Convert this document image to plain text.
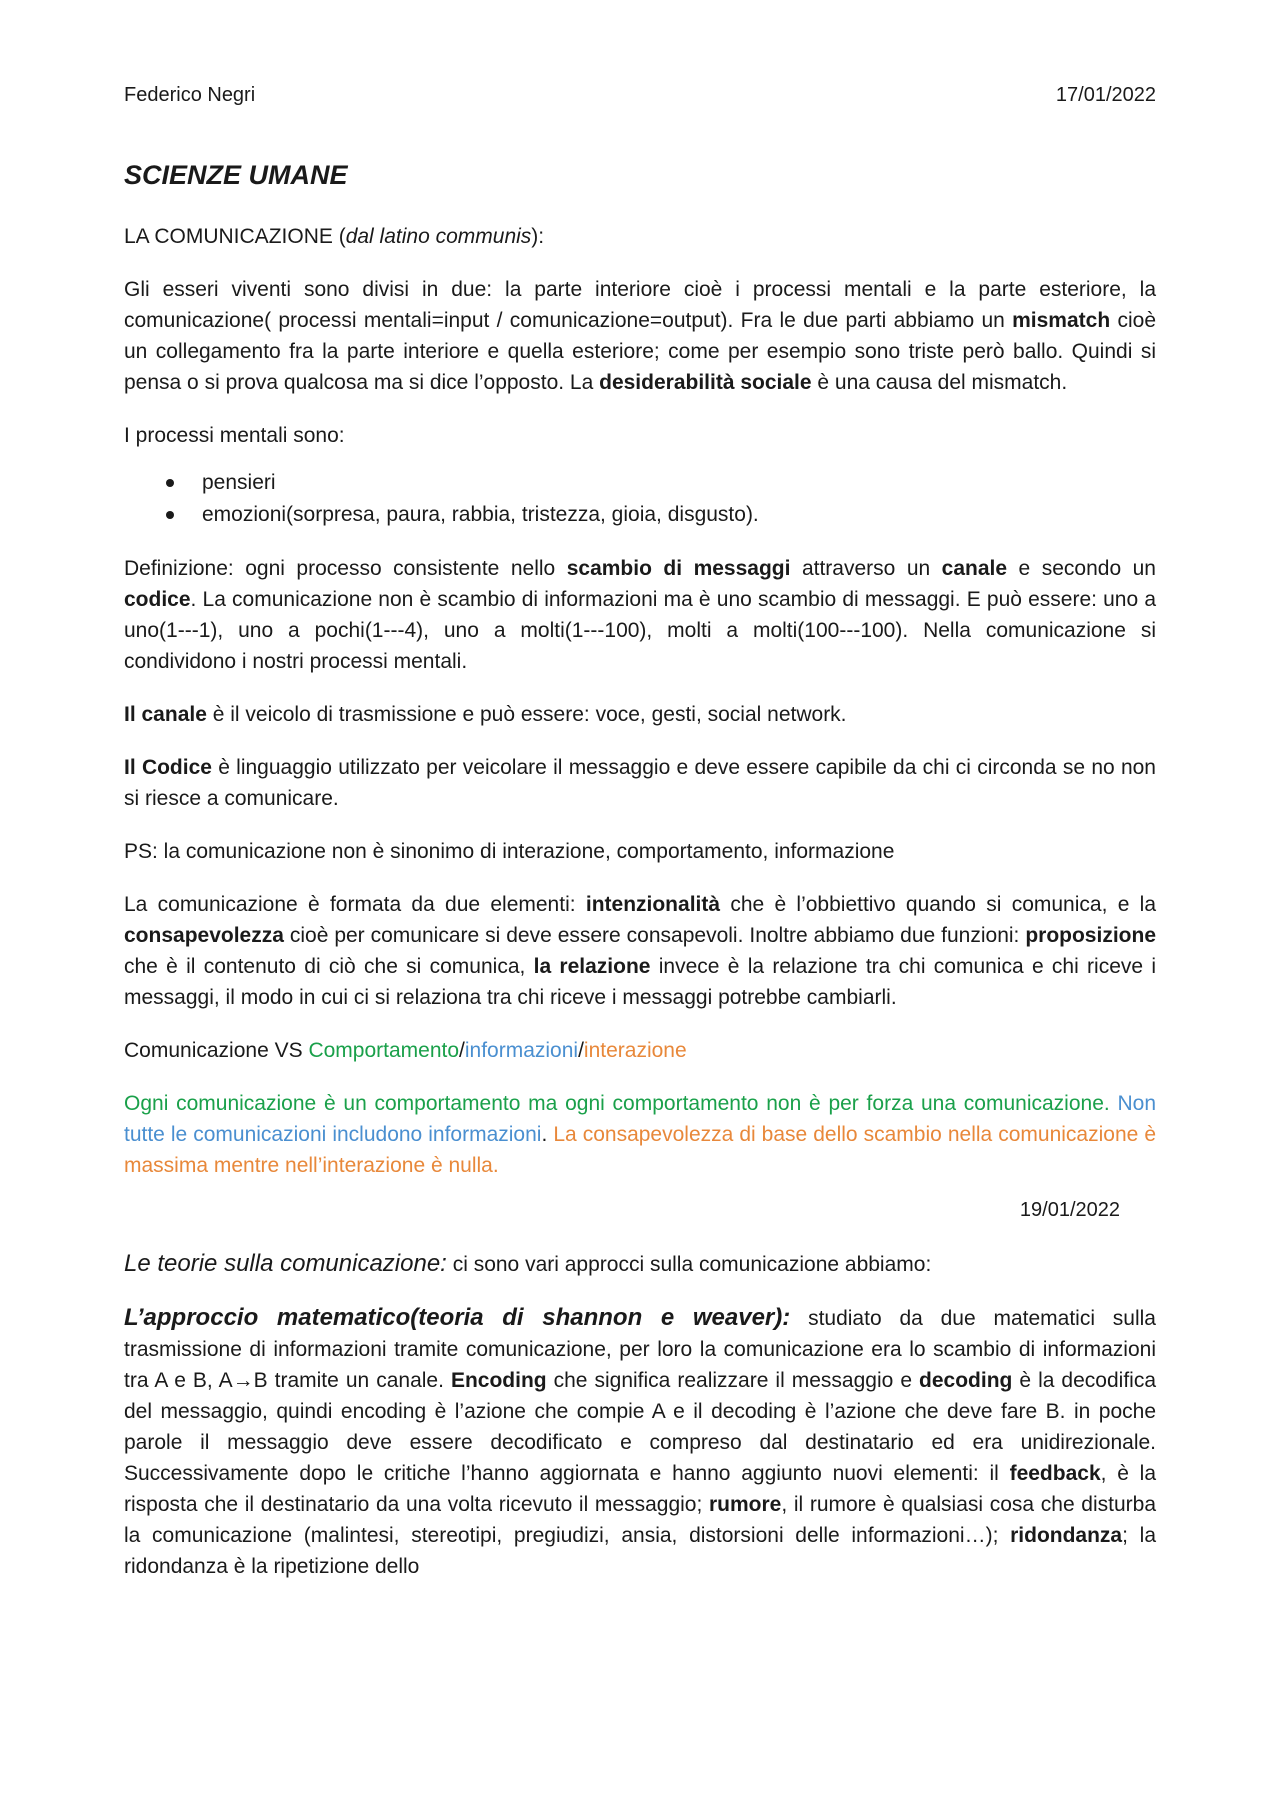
Federico Negri	17/01/2022
SCIENZE UMANE

LA COMUNICAZIONE (dal latino communis):

Gli esseri viventi sono divisi in due: la parte interiore cioè i processi mentali e la parte esteriore, la comunicazione( processi mentali=input / comunicazione=output). Fra le due parti abbiamo un mismatch cioè un collegamento fra la parte interiore e quella esteriore; come per esempio sono triste però ballo. Quindi si pensa o si prova qualcosa ma si dice l’opposto. La desiderabilità sociale è una causa del mismatch.

I processi mentali sono:

pensieri
emozioni(sorpresa, paura, rabbia, tristezza, gioia, disgusto).

Definizione: ogni processo consistente nello scambio di messaggi attraverso un canale e secondo un codice. La comunicazione non è scambio di informazioni ma è uno scambio di messaggi. E può essere: uno a uno(1---1), uno a pochi(1---4), uno a molti(1---100), molti a molti(100---100). Nella comunicazione si condividono i nostri processi mentali.

Il canale è il veicolo di trasmissione e può essere: voce, gesti, social network.

Il Codice è linguaggio utilizzato per veicolare il messaggio e deve essere capibile da chi ci circonda se no non si riesce a comunicare.

PS: la comunicazione non è sinonimo di interazione, comportamento, informazione

La comunicazione è formata da due elementi: intenzionalità che è l’obbiettivo quando si comunica, e la consapevolezza cioè per comunicare si deve essere consapevoli. Inoltre abbiamo due funzioni: proposizione che è il contenuto di ciò che si comunica, la relazione invece è la relazione tra chi comunica e chi riceve i messaggi, il modo in cui ci si relaziona tra chi riceve i messaggi potrebbe cambiarli.

Comunicazione VS Comportamento/informazioni/interazione

Ogni comunicazione è un comportamento ma ogni comportamento non è per forza una comunicazione. Non tutte le comunicazioni includono informazioni. La consapevolezza di base dello scambio nella comunicazione è massima mentre nell’interazione è nulla.

19/01/2022

Le teorie sulla comunicazione: ci sono vari approcci sulla comunicazione abbiamo:

L’approccio matematico(teoria di shannon e weaver): studiato da due matematici sulla trasmissione di informazioni tramite comunicazione, per loro la comunicazione era lo scambio di informazioni tra A e B, A→B tramite un canale. Encoding che significa realizzare il messaggio e decoding è la decodifica del messaggio, quindi encoding è l’azione che compie A e il decoding è l’azione che deve fare B. in poche parole il messaggio deve essere decodificato e compreso dal destinatario ed era unidirezionale. Successivamente dopo le critiche l’hanno aggiornata e hanno aggiunto nuovi elementi: il feedback, è la risposta che il destinatario da una volta ricevuto il messaggio; rumore, il rumore è qualsiasi cosa che disturba la comunicazione (malintesi, stereotipi, pregiudizi, ansia, distorsioni delle informazioni…); ridondanza; la ridondanza è la ripetizione dello
